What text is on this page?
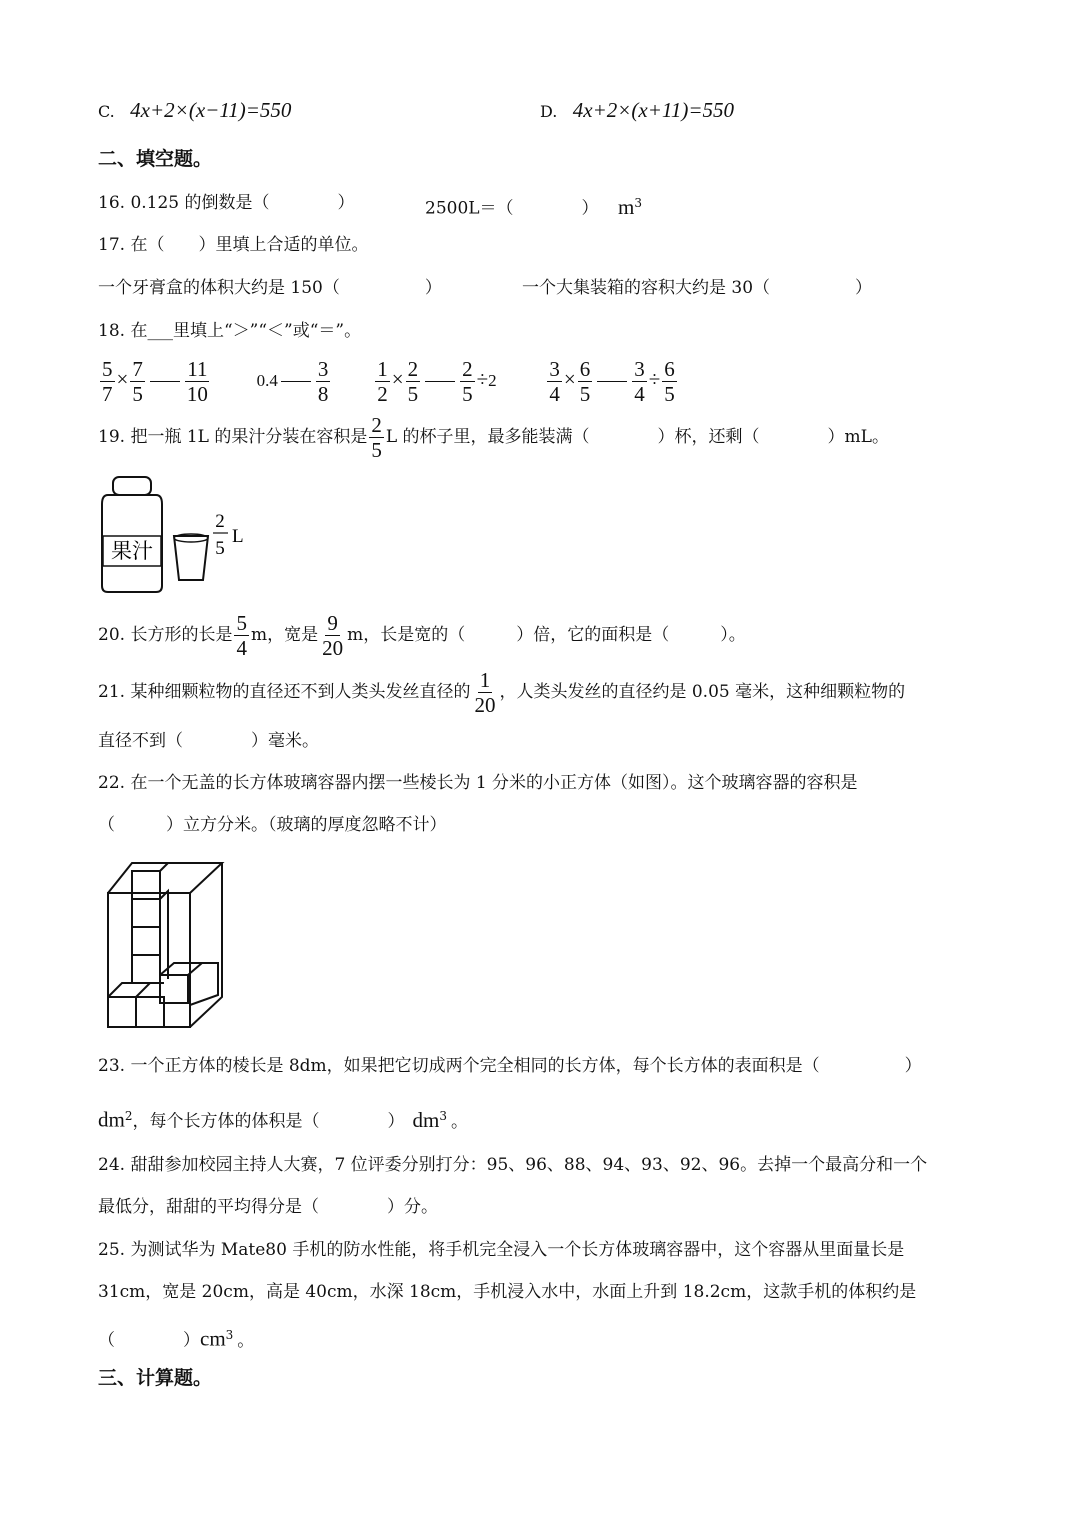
C. 4x+2×(x−11)=550	D. 4x+2×(x+11)=550
二、填空题。
16. 0.125 的倒数是（　　　　）	2500L＝（　　　　） $m^3$
17. 在（　　）里填上合适的单位。
一个牙膏盒的体积大约是 150（　　　　　）	一个大集装箱的容积大约是 30（　　　　　）
18. 在___里填上“＞”“＜”或“＝”。
$\frac{5}{7} \times \frac{7}{5} \frac{11}{10}$	$0.4 \frac{3}{8}$
$\frac{1}{2} \times \frac{2}{5} \frac{2}{5} \div 2 \frac{3}{4} \times \frac{6}{5} \frac{3}{4} \div \frac{6}{5}$
19. 把一瓶 1L 的果汁分装在容积是 $\frac{2}{5}$ L 的杯子里，最多能装满（　　　　）杯，还剩（　　　　）mL。
果汁
2
5
L
20. 长方形的长是 $\frac{5}{4}$ m，宽是 $\frac{9}{20}$ m，长是宽的（　　　）倍，它的面积是（　　　）。
21. 某种细颗粒物的直径还不到人类头发丝直径的 $\frac{1}{20}$ ，人类头发丝的直径约是 0.05 毫米，这种细颗粒物的
直径不到（　　　　）毫米。
22. 在一个无盖的长方体玻璃容器内摆一些棱长为 1 分米的小正方体（如图）。这个玻璃容器的容积是
（　　　）立方分米。（玻璃的厚度忽略不计）
23. 一个正方体的棱长是 8dm，如果把它切成两个完全相同的长方体，每个长方体的表面积是（　　　　　）
$dm^2$，每个长方体的体积是（　　　　） $dm^3$ 。
24. 甜甜参加校园主持人大赛，7 位评委分别打分：95、96、88、94、93、92、96。去掉一个最高分和一个
最低分，甜甜的平均得分是（　　　　）分。
25. 为测试华为 Mate80 手机的防水性能，将手机完全浸入一个长方体玻璃容器中，这个容器从里面量长是
31cm，宽是 20cm，高是 40cm，水深 18cm，手机浸入水中，水面上升到 18.2cm，这款手机的体积约是
（　　　　）$cm^3$ 。
三、计算题。
